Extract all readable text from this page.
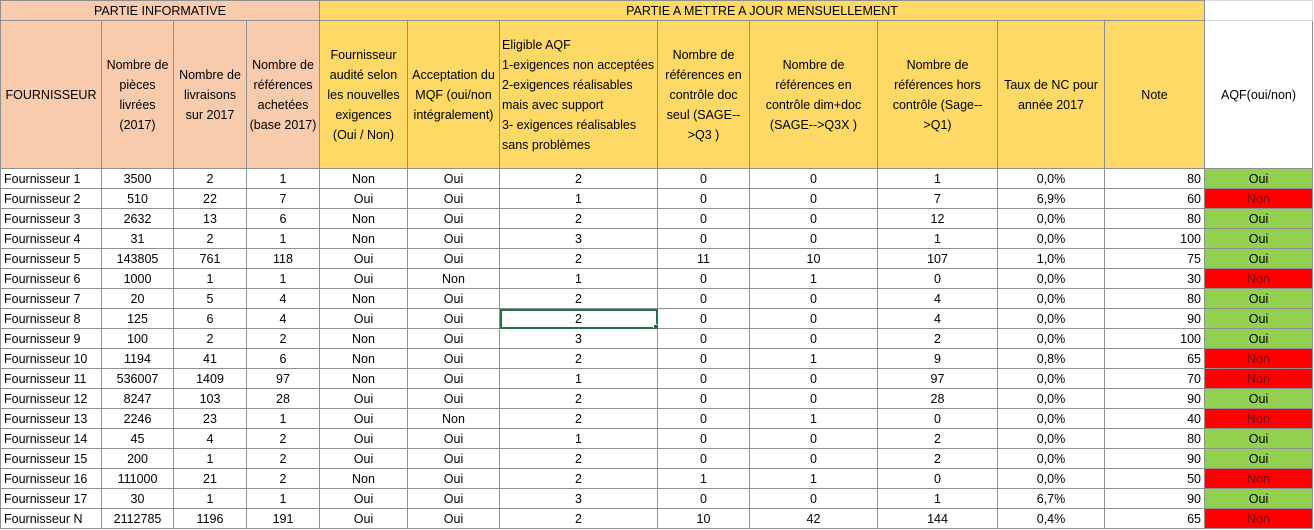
PARTIE INFORMATIVE				PARTIE A METTRE A JOUR MENSUELLEMENT								
FOURNISSEUR	Nombre de pièces livrées (2017)	Nombre de livraisons sur 2017	Nombre de références achetées (base 2017)	Fournisseur audité selon les nouvelles exigences (Oui / Non)	Acceptation du MQF (oui/non intégralement)	Eligible AQF
1-exigences non acceptées
2-exigences réalisables mais avec support
3- exigences réalisables sans problèmes	Nombre de références en contrôle doc seul (SAGE-->Q3 )	Nombre de références en contrôle dim+doc (SAGE-->Q3X )	Nombre de références hors contrôle (Sage-->Q1)	Taux de NC pour année 2017	Note	AQF(oui/non)
Fournisseur 1	3500	2	1	Non	Oui	2	0	0	1	0,0%	80	Oui
Fournisseur 2	510	22	7	Oui	Oui	1	0	0	7	6,9%	60	Non
Fournisseur 3	2632	13	6	Non	Oui	2	0	0	12	0,0%	80	Oui
Fournisseur 4	31	2	1	Non	Oui	3	0	0	1	0,0%	100	Oui
Fournisseur 5	143805	761	118	Oui	Oui	2	11	10	107	1,0%	75	Oui
Fournisseur 6	1000	1	1	Oui	Non	1	0	1	0	0,0%	30	Non
Fournisseur 7	20	5	4	Non	Oui	2	0	0	4	0,0%	80	Oui
Fournisseur 8	125	6	4	Oui	Oui	2	0	0	4	0,0%	90	Oui
Fournisseur 9	100	2	2	Non	Oui	3	0	0	2	0,0%	100	Oui
Fournisseur 10	1194	41	6	Non	Oui	2	0	1	9	0,8%	65	Non
Fournisseur 11	536007	1409	97	Non	Oui	1	0	0	97	0,0%	70	Non
Fournisseur 12	8247	103	28	Oui	Oui	2	0	0	28	0,0%	90	Oui
Fournisseur 13	2246	23	1	Oui	Non	2	0	1	0	0,0%	40	Non
Fournisseur 14	45	4	2	Oui	Oui	1	0	0	2	0,0%	80	Oui
Fournisseur 15	200	1	2	Oui	Oui	2	0	0	2	0,0%	90	Oui
Fournisseur 16	111000	21	2	Non	Oui	2	1	1	0	0,0%	50	Non
Fournisseur 17	30	1	1	Oui	Oui	3	0	0	1	6,7%	90	Oui
Fournisseur N	2112785	1196	191	Oui	Oui	2	10	42	144	0,4%	65	Non
